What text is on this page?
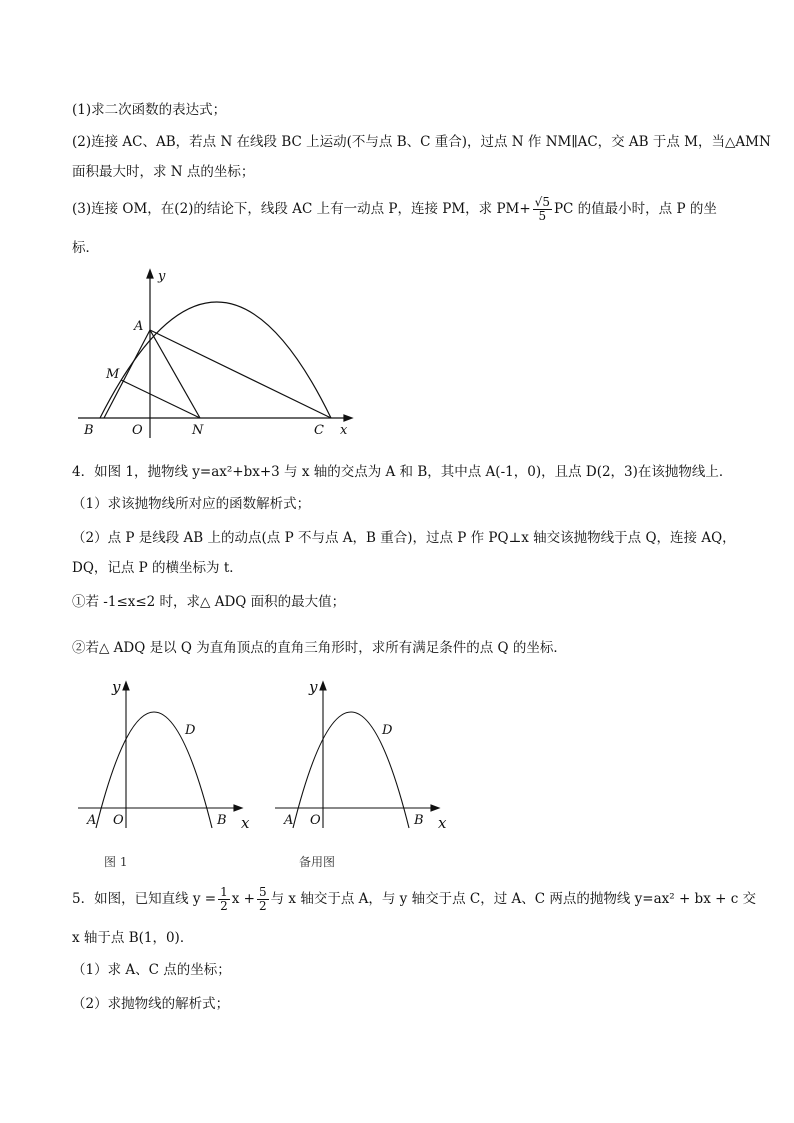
(1)求二次函数的表达式；
(2)连接 AC、AB，若点 N 在线段 BC 上运动(不与点 B、C 重合)，过点 N 作 NM∥AC，交 AB 于点 M，当△AMN
面积最大时，求 N 点的坐标；
(3)连接 OM，在(2)的结论下，线段 AC 上有一动点 P，连接 PM，求 $PM+ \frac{√5}{5}$ PC 的值最小时，点 P 的坐
标．
y
A
M
B	O	N	C x
4．如图 1，抛物线 y=ax²+bx+3 与 x 轴的交点为 A 和 B，其中点 A(-1，0)，且点 D(2，3)在该抛物线上．
（1）求该抛物线所对应的函数解析式；
（2）点 P 是线段 AB 上的动点(点 P 不与点 A，B 重合)，过点 P 作 PQ⊥x 轴交该抛物线于点 Q，连接 AQ，
DQ，记点 P 的横坐标为 t．
①若 -1≤x≤2 时，求△ ADQ 面积的最大值；
②若△ ADQ 是以 Q 为直角顶点的直角三角形时，求所有满足条件的点 Q 的坐标．
y
D
A O	B x
图 1
y
D
A O	B x
备用图
5．如图，已知直线 $y = \frac{1}{2}$ $x + \frac{5}{2}$ 与 x 轴交于点 A，与 y 轴交于点 C，过 A、C 两点的抛物线 y=ax² + bx + c 交
x 轴于点 B(1，0)．
（1）求 A、C 点的坐标；
（2）求抛物线的解析式；
